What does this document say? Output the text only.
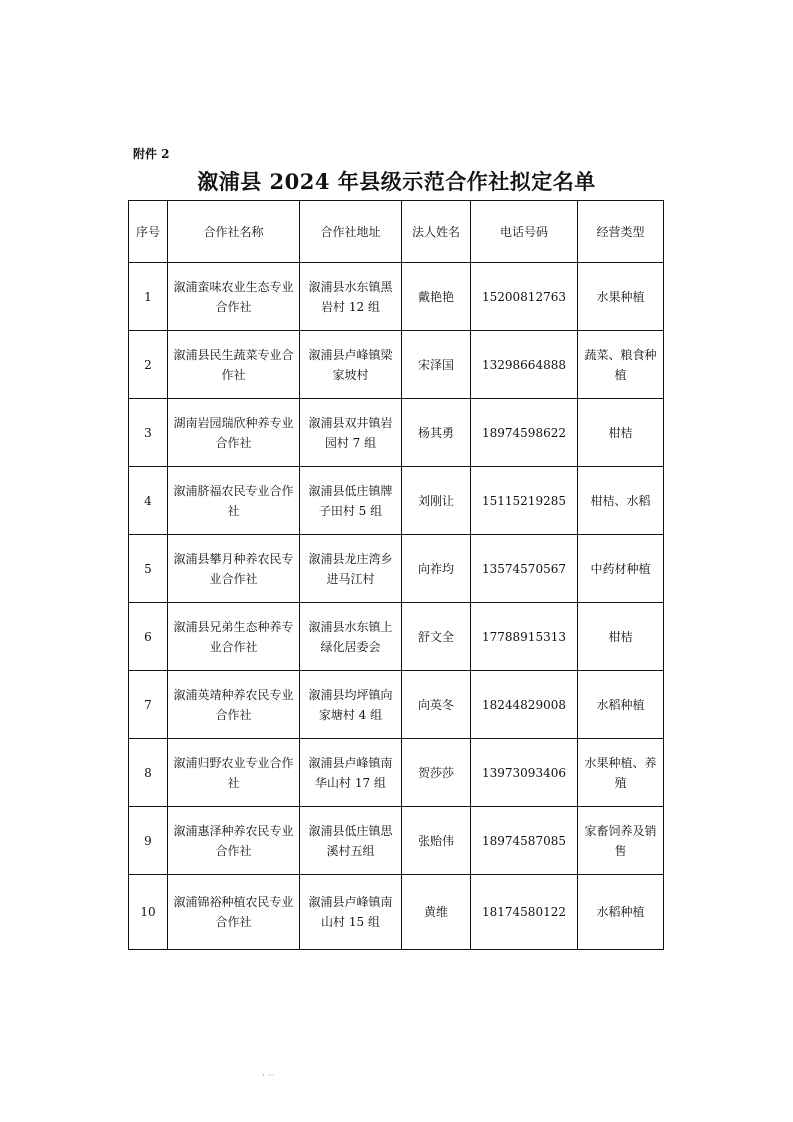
附件 2
溆浦县 2024 年县级示范合作社拟定名单
序号	合作社名称	合作社地址	法人姓名	电话号码	经营类型
1	溆浦蛮味农业生态专业合作社	溆浦县水东镇黑岩村 12 组	戴艳艳	15200812763	水果种植
2	溆浦县民生蔬菜专业合作社	溆浦县卢峰镇梁家坡村	宋泽国	13298664888	蔬菜、粮食种植
3	湖南岩园瑞欣种养专业合作社	溆浦县双井镇岩园村 7 组	杨其勇	18974598622	柑桔
4	溆浦脐福农民专业合作社	溆浦县低庄镇牌子田村 5 组	刘刚让	15115219285	柑桔、水稻
5	溆浦县攀月种养农民专业合作社	溆浦县龙庄湾乡进马江村	向祚均	13574570567	中药材种植
6	溆浦县兄弟生态种养专业合作社	溆浦县水东镇上绿化居委会	舒文全	17788915313	柑桔
7	溆浦英靖种养农民专业合作社	溆浦县均坪镇向家塘村 4 组	向英冬	18244829008	水稻种植
8	溆浦归野农业专业合作社	溆浦县卢峰镇南华山村 17 组	贺莎莎	13973093406	水果种植、养殖
9	溆浦惠泽种养农民专业合作社	溆浦县低庄镇思溪村五组	张贻伟	18974587085	家畜饲养及销售
10	溆浦锦裕种植农民专业合作社	溆浦县卢峰镇南山村 15 组	黄维	18174580122	水稻种植
· ··
